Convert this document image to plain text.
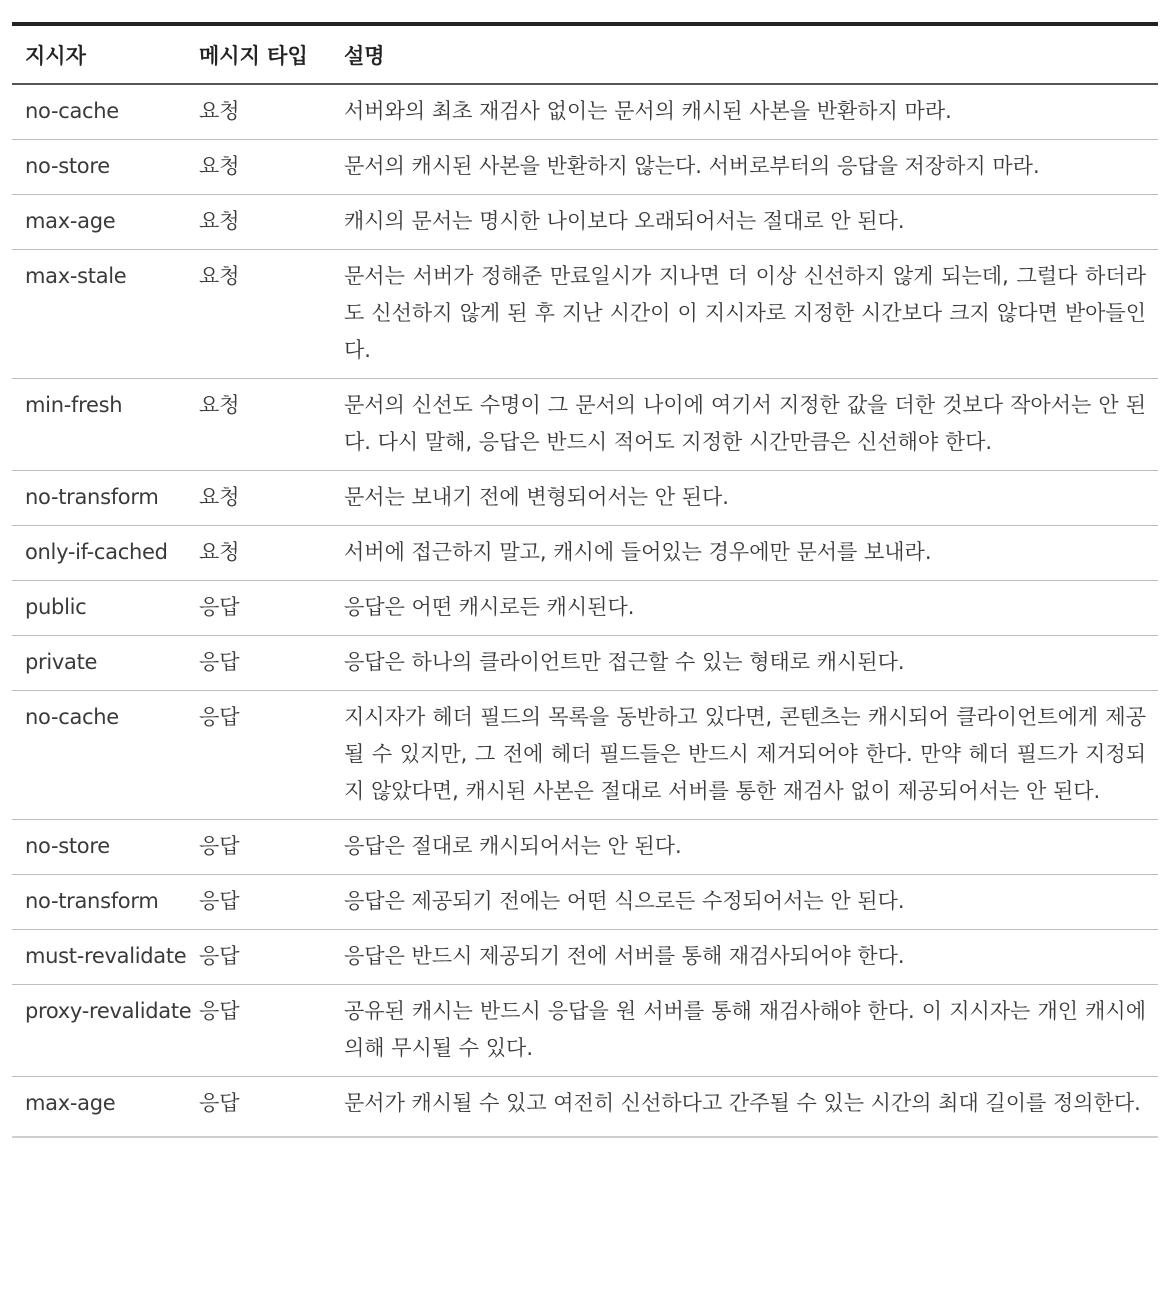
지시자	메시지 타입	설명
no-cache	요청	서버와의 최초 재검사 없이는 문서의 캐시된 사본을 반환하지 마라.
no-store	요청	문서의 캐시된 사본을 반환하지 않는다. 서버로부터의 응답을 저장하지 마라.
max-age	요청	캐시의 문서는 명시한 나이보다 오래되어서는 절대로 안 된다.
max-stale	요청	문서는 서버가 정해준 만료일시가 지나면 더 이상 신선하지 않게 되는데, 그럴다 하더라도 신선하지 않게 된 후 지난 시간이 이 지시자로 지정한 시간보다 크지 않다면 받아들인다.
min-fresh	요청	문서의 신선도 수명이 그 문서의 나이에 여기서 지정한 값을 더한 것보다 작아서는 안 된다. 다시 말해, 응답은 반드시 적어도 지정한 시간만큼은 신선해야 한다.
no-transform	요청	문서는 보내기 전에 변형되어서는 안 된다.
only-if-cached	요청	서버에 접근하지 말고, 캐시에 들어있는 경우에만 문서를 보내라.
public	응답	응답은 어떤 캐시로든 캐시된다.
private	응답	응답은 하나의 클라이언트만 접근할 수 있는 형태로 캐시된다.
no-cache	응답	지시자가 헤더 필드의 목록을 동반하고 있다면, 콘텐츠는 캐시되어 클라이언트에게 제공될 수 있지만, 그 전에 헤더 필드들은 반드시 제거되어야 한다. 만약 헤더 필드가 지정되지 않았다면, 캐시된 사본은 절대로 서버를 통한 재검사 없이 제공되어서는 안 된다.
no-store	응답	응답은 절대로 캐시되어서는 안 된다.
no-transform	응답	응답은 제공되기 전에는 어떤 식으로든 수정되어서는 안 된다.
must-revalidate	응답	응답은 반드시 제공되기 전에 서버를 통해 재검사되어야 한다.
proxy-revalidate	응답	공유된 캐시는 반드시 응답을 원 서버를 통해 재검사해야 한다. 이 지시자는 개인 캐시에 의해 무시될 수 있다.
max-age	응답	문서가 캐시될 수 있고 여전히 신선하다고 간주될 수 있는 시간의 최대 길이를 정의한다.
